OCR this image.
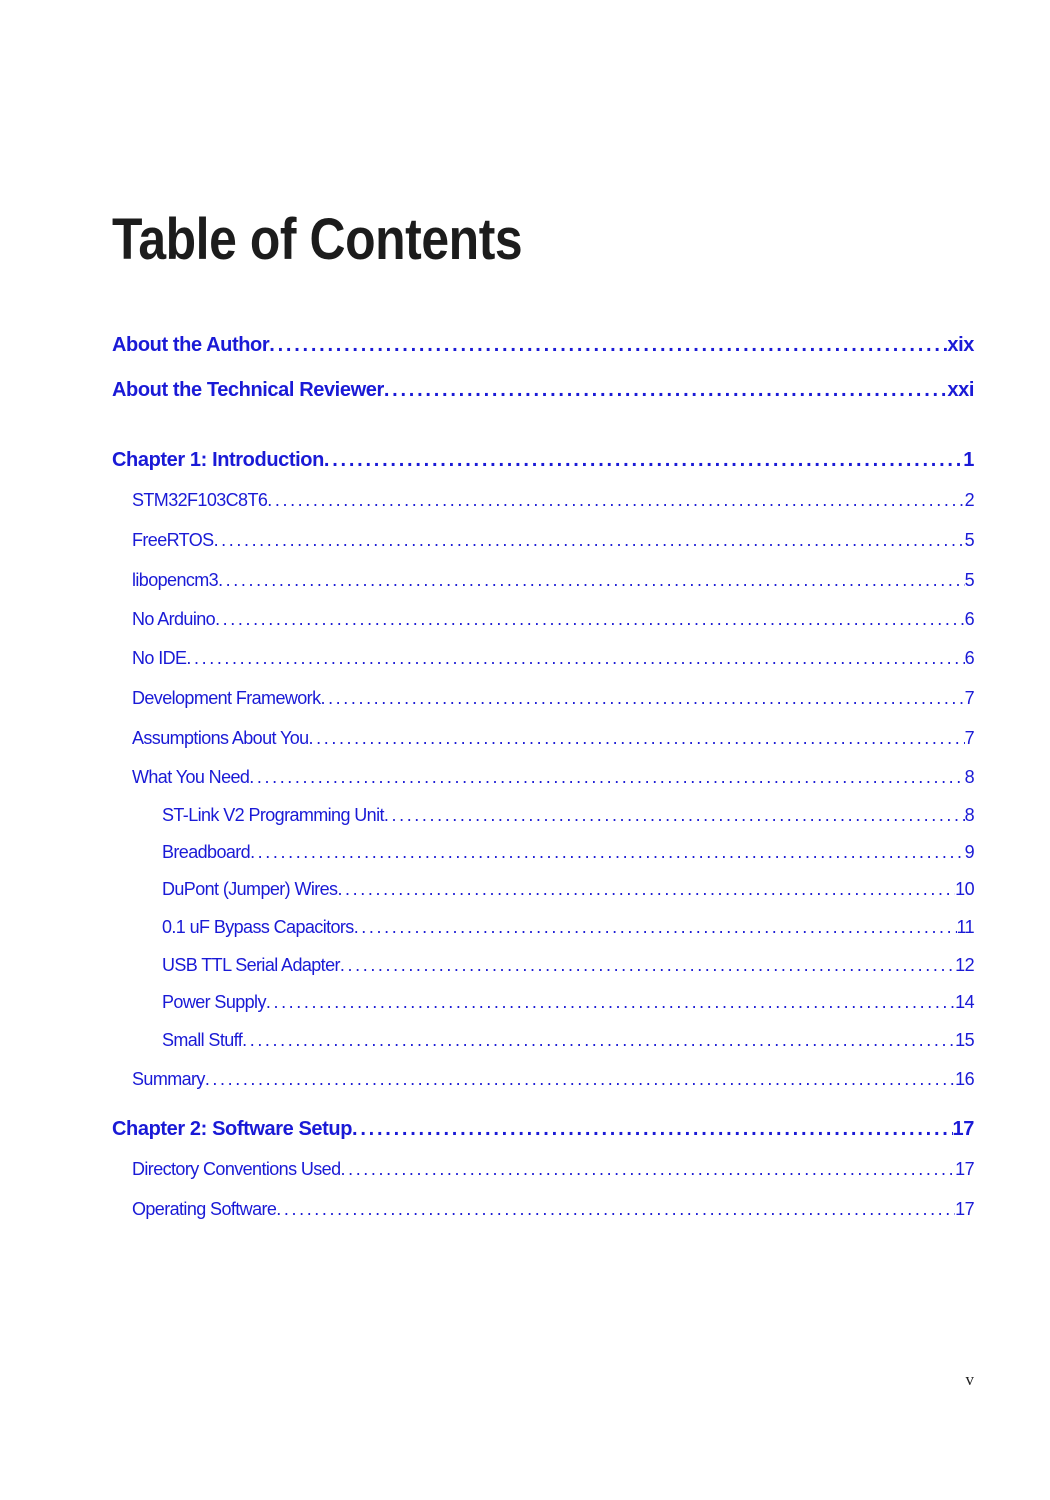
Table of Contents
About the Author . . .	xix
About the Technical Reviewer . . .	xxi
Chapter 1: Introduction . . .	1
STM32F103C8T6 . . .	2
FreeRTOS . . .	5
libopencm3 . . .	5
No Arduino . . .	6
No IDE . . .	6
Development Framework . . .	7
Assumptions About You . . .	7
What You Need . . .	8
ST-Link V2 Programming Unit . . .	8
Breadboard . . .	9
DuPont (Jumper) Wires . . .	10
0.1 uF Bypass Capacitors . . .	11
USB TTL Serial Adapter . . .	12
Power Supply . . .	14
Small Stuff . . .	15
Summary . . .	16
Chapter 2: Software Setup . . .	17
Directory Conventions Used . . .	17
Operating Software . . .	17
v
